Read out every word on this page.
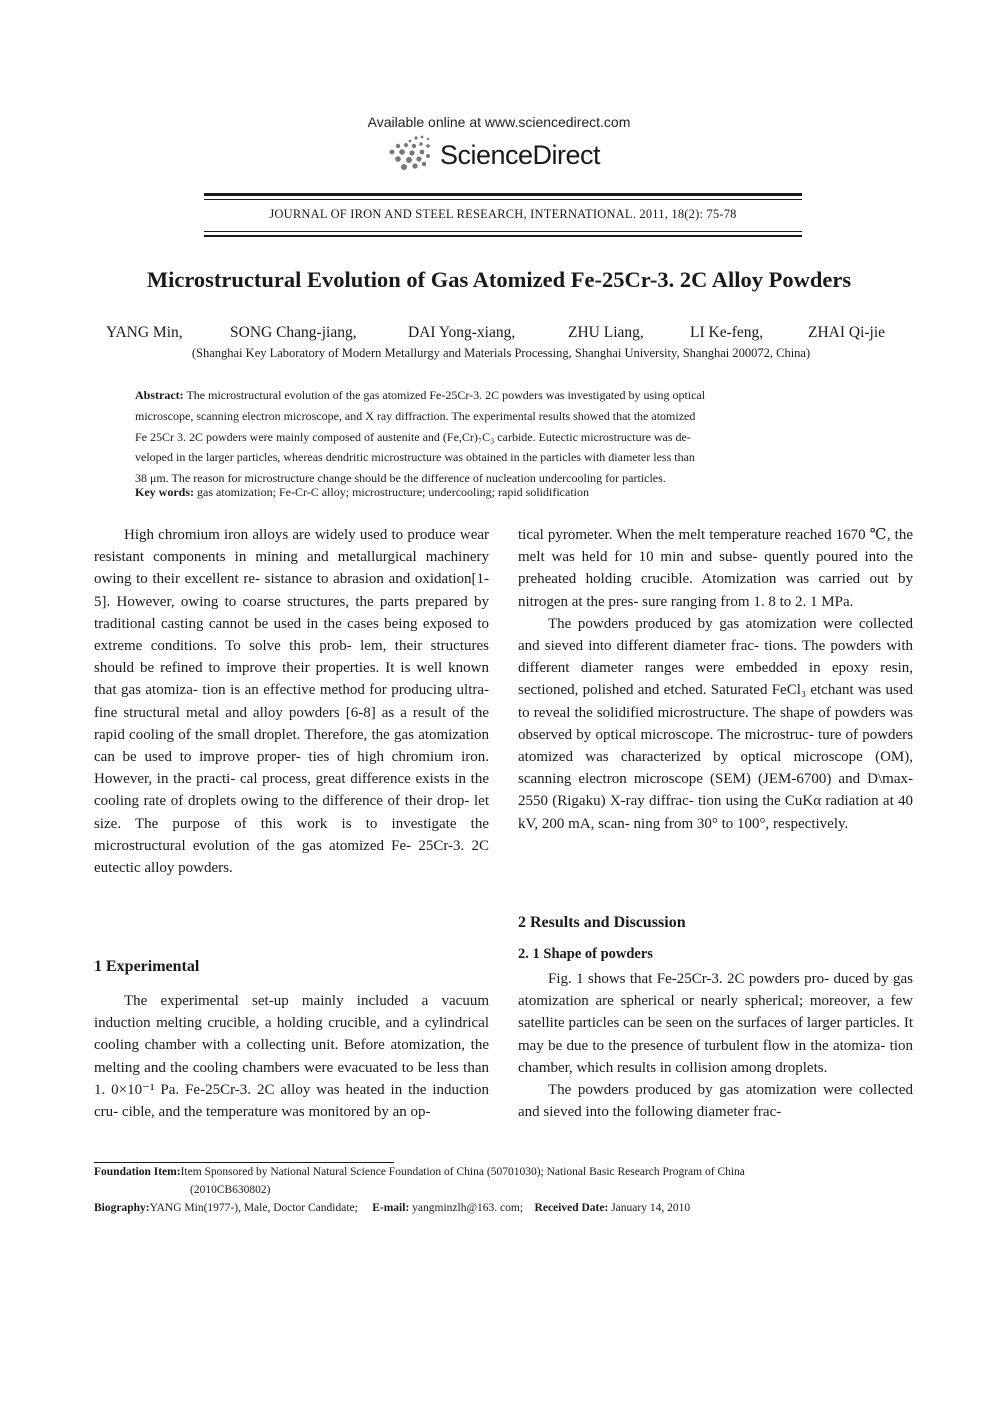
Available online at www.sciencedirect.com
ScienceDirect
JOURNAL OF IRON AND STEEL RESEARCH, INTERNATIONAL. 2011, 18(2): 75-78
Microstructural Evolution of Gas Atomized Fe-25Cr-3. 2C Alloy Powders
YANG Min,	SONG Chang-jiang,	DAI Yong-xiang,	ZHU Liang,	LI Ke-feng,	ZHAI Qi-jie
(Shanghai Key Laboratory of Modern Metallurgy and Materials Processing, Shanghai University, Shanghai 200072, China)
Abstract: The microstructural evolution of the gas atomized Fe-25Cr-3. 2C powders was investigated by using optical
microscope, scanning electron microscope, and X ray diffraction. The experimental results showed that the atomized
Fe 25Cr 3. 2C powders were mainly composed of austenite and (Fe,Cr)₇C₃ carbide. Eutectic microstructure was de-
veloped in the larger particles, whereas dendritic microstructure was obtained in the particles with diameter less than
38 μm. The reason for microstructure change should be the difference of nucleation undercooling for particles.
Key words: gas atomization; Fe-Cr-C alloy; microstructure; undercooling; rapid solidification

High chromium iron alloys are widely used to produce wear resistant components in mining and metallurgical machinery owing to their excellent re- sistance to abrasion and oxidation[1-5]. However, owing to coarse structures, the parts prepared by traditional casting cannot be used in the cases being exposed to extreme conditions. To solve this prob- lem, their structures should be refined to improve their properties. It is well known that gas atomiza- tion is an effective method for producing ultra-fine structural metal and alloy powders [6-8] as a result of the rapid cooling of the small droplet. Therefore, the gas atomization can be used to improve proper- ties of high chromium iron. However, in the practi- cal process, great difference exists in the cooling rate of droplets owing to the difference of their drop- let size. The purpose of this work is to investigate the microstructural evolution of the gas atomized Fe- 25Cr-3. 2C eutectic alloy powders.

1 Experimental

The experimental set-up mainly included a vacuum induction melting crucible, a holding crucible, and a cylindrical cooling chamber with a collecting unit. Before atomization, the melting and the cooling chambers were evacuated to be less than 1. 0×10⁻¹ Pa. Fe-25Cr-3. 2C alloy was heated in the induction cru- cible, and the temperature was monitored by an op-

tical pyrometer. When the melt temperature reached 1670 ℃, the melt was held for 10 min and subse- quently poured into the preheated holding crucible. Atomization was carried out by nitrogen at the pres- sure ranging from 1. 8 to 2. 1 MPa.

The powders produced by gas atomization were collected and sieved into different diameter frac- tions. The powders with different diameter ranges were embedded in epoxy resin, sectioned, polished and etched. Saturated FeCl₃ etchant was used to reveal the solidified microstructure. The shape of powders was observed by optical microscope. The microstruc- ture of powders atomized was characterized by optical microscope (OM), scanning electron microscope (SEM) (JEM-6700) and D\max-2550 (Rigaku) X-ray diffrac- tion using the CuKα radiation at 40 kV, 200 mA, scan- ning from 30° to 100°, respectively.

2 Results and Discussion
2. 1 Shape of powders

Fig. 1 shows that Fe-25Cr-3. 2C powders pro- duced by gas atomization are spherical or nearly spherical; moreover, a few satellite particles can be seen on the surfaces of larger particles. It may be due to the presence of turbulent flow in the atomiza- tion chamber, which results in collision among droplets.

The powders produced by gas atomization were collected and sieved into the following diameter frac-

Foundation Item:Item Sponsored by National Natural Science Foundation of China (50701030); National Basic Research Program of China
(2010CB630802)
Biography:YANG Min(1977-), Male, Doctor Candidate; E-mail: yangminzlh@163. com; Received Date: January 14, 2010
